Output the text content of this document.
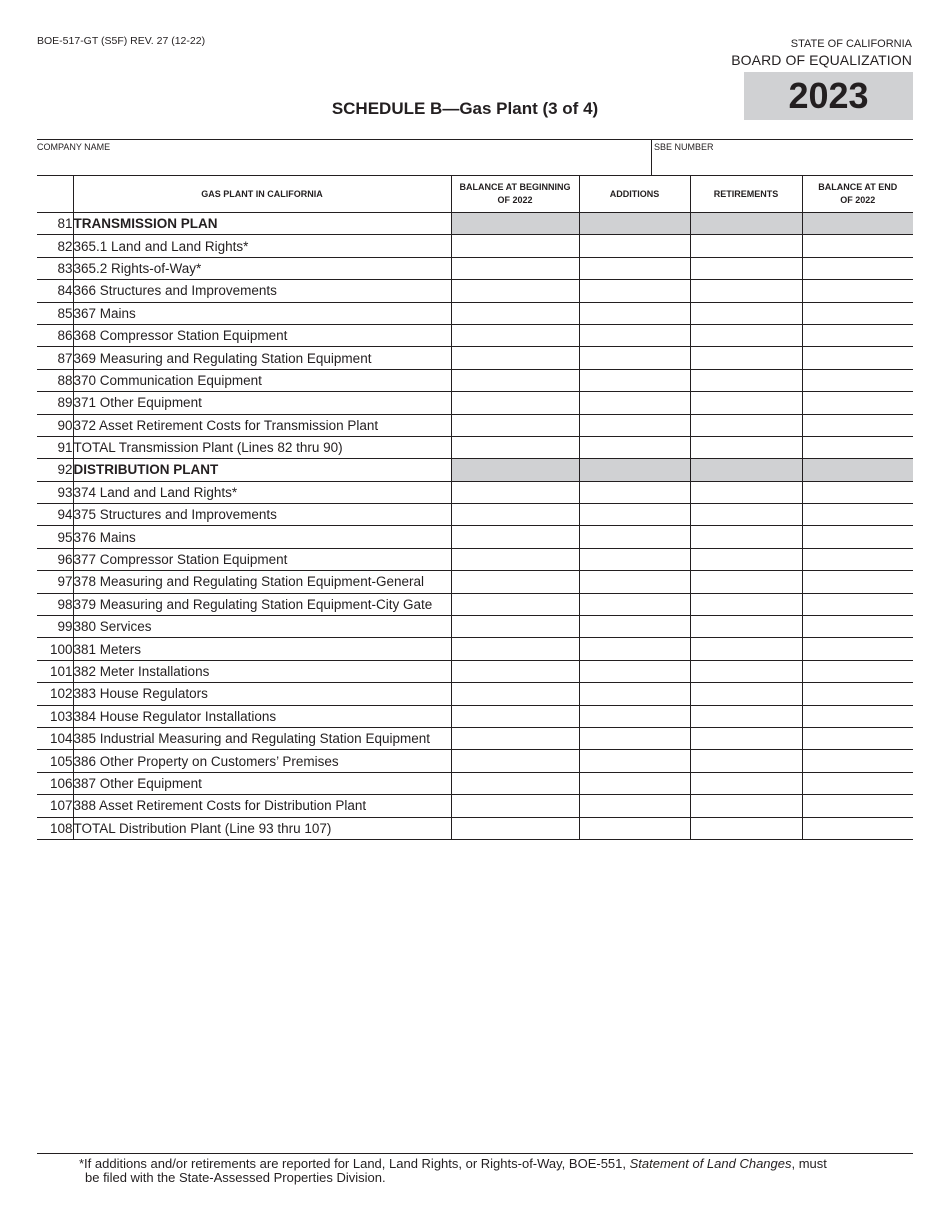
BOE-517-GT (S5F) REV. 27 (12-22)	STATE OF CALIFORNIA
BOARD OF EQUALIZATION
2023
SCHEDULE B—Gas Plant (3 of 4)
COMPANY NAME	SBE NUMBER
	GAS PLANT IN CALIFORNIA	BALANCE AT BEGINNING
OF 2022	ADDITIONS	RETIREMENTS	BALANCE AT END
OF 2022
81	TRANSMISSION PLAN				
82	365.1 Land and Land Rights*				
83	365.2 Rights-of-Way*				
84	366 Structures and Improvements				
85	367 Mains				
86	368 Compressor Station Equipment				
87	369 Measuring and Regulating Station Equipment				
88	370 Communication Equipment				
89	371 Other Equipment				
90	372 Asset Retirement Costs for Transmission Plant				
91	TOTAL Transmission Plant (Lines 82 thru 90)				
92	DISTRIBUTION PLANT				
93	374 Land and Land Rights*				
94	375 Structures and Improvements				
95	376 Mains				
96	377 Compressor Station Equipment				
97	378 Measuring and Regulating Station Equipment-General				
98	379 Measuring and Regulating Station Equipment-City Gate				
99	380 Services				
100	381 Meters				
101	382 Meter Installations				
102	383 House Regulators				
103	384 House Regulator Installations				
104	385 Industrial Measuring and Regulating Station Equipment				
105	386 Other Property on Customers’ Premises				
106	387 Other Equipment				
107	388 Asset Retirement Costs for Distribution Plant				
108	TOTAL Distribution Plant (Line 93 thru 107)				
*If additions and/or retirements are reported for Land, Land Rights, or Rights-of-Way, BOE-551, Statement of Land Changes, must
be filed with the State-Assessed Properties Division.
